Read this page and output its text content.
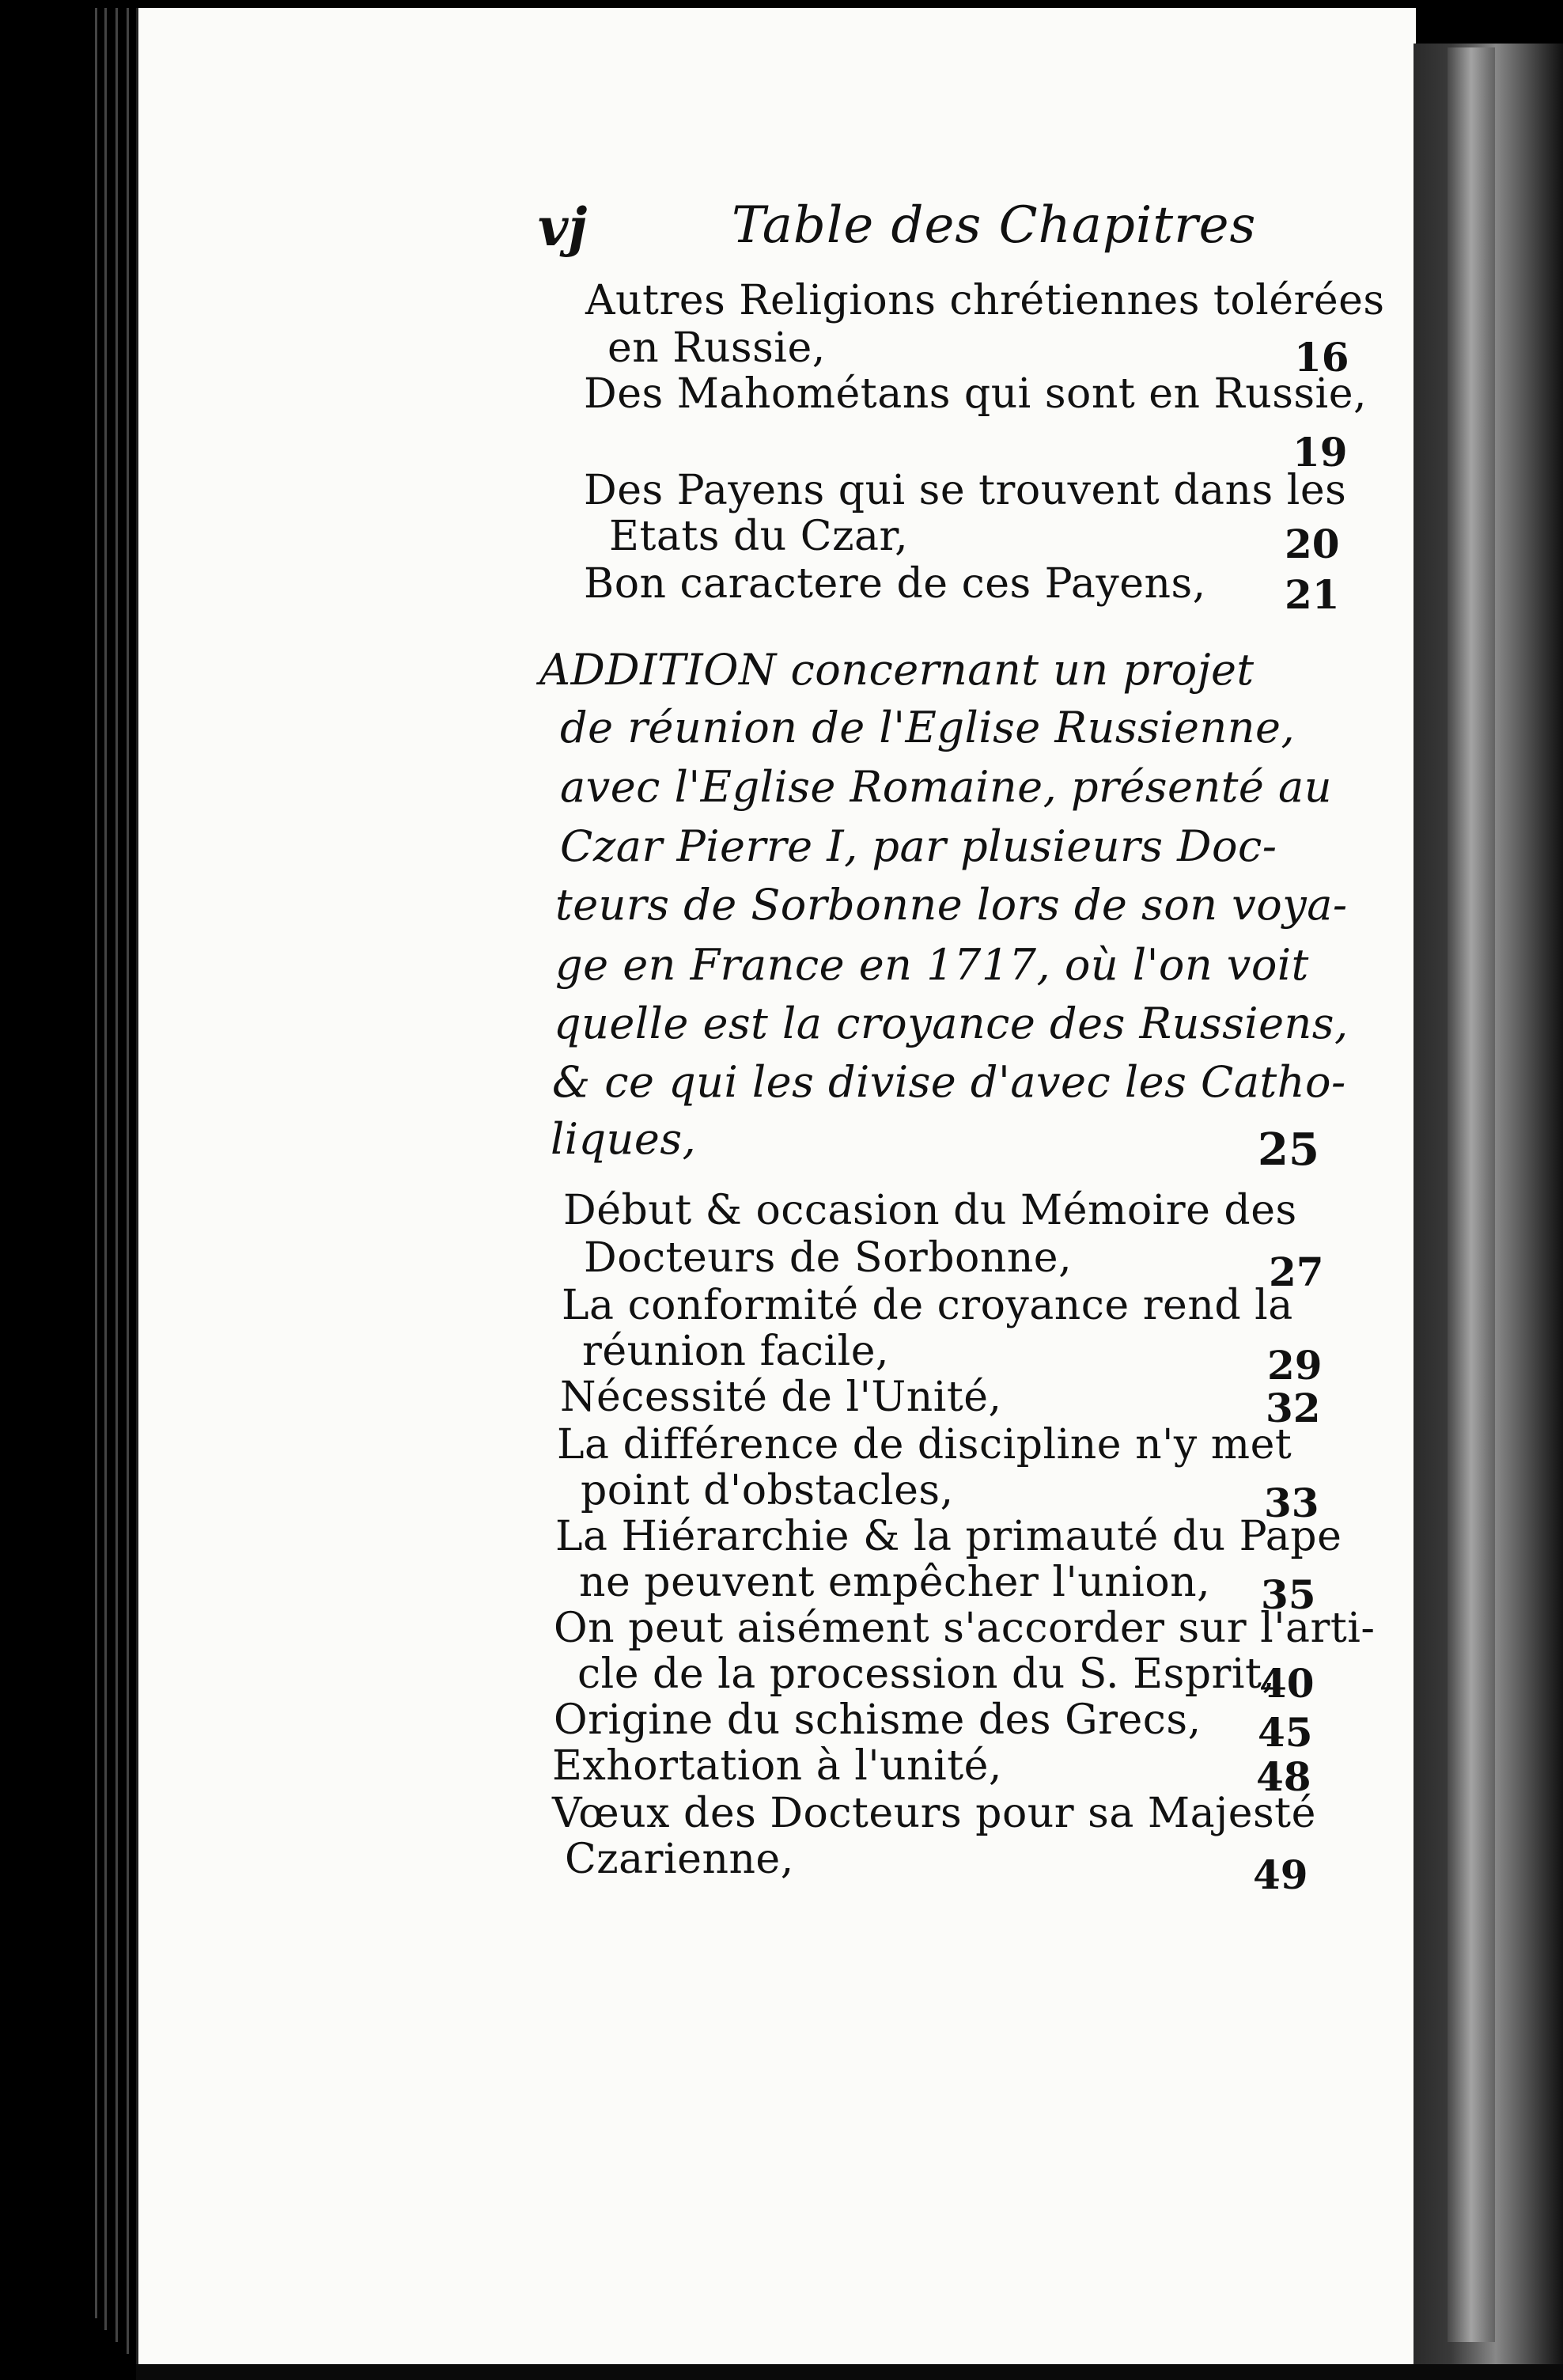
vj	Table des Chapitres
Autres Religions chrétiennes tolérées
en Russie,	16
Des Mahométans qui sont en Russie,
19
Des Payens qui se trouvent dans les
Etats du Czar,	20
Bon caractere de ces Payens, 21
ADDITION concernant un projet
de réunion de l'Eglise Russienne,
avec l'Eglise Romaine, présenté au
Czar Pierre I, par plusieurs Doc-
teurs de Sorbonne lors de son voya-
ge en France en 1717, où l'on voit
quelle est la croyance des Russiens,
& ce qui les divise d'avec les Catho-
liques,	25
Début & occasion du Mémoire des
Docteurs de Sorbonne,	27
La conformité de croyance rend la
réunion facile,	29
Nécessité de l'Unité,	32
La différence de discipline n'y met
point d'obstacles,	33
La Hiérarchie & la primauté du Pape
ne peuvent empêcher l'union, 35
On peut aisément s'accorder sur l'arti-
cle de la procession du S. Esprit,
40
Origine du schisme des Grecs, 45
Exhortation à l'unité,	48
Vœux des Docteurs pour sa Majesté
Czarienne,	49
